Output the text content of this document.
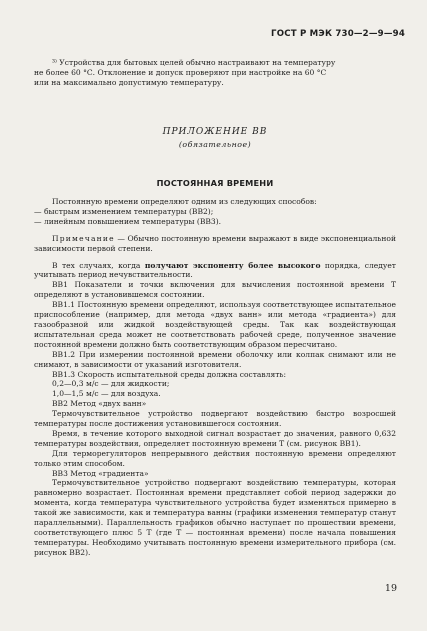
ГОСТ Р МЭК 730—2—9—94

³⁾ Устройства для бытовых целей обычно настраивают на температуру

не более 60 °С. Отклонение и допуск проверяют при настройке на 60 °С

или на максимально допустимую температуру.

ПРИЛОЖЕНИЕ ВВ
(обязательное)
ПОСТОЯННАЯ ВРЕМЕНИ

Постоянную времени определяют одним из следующих способов:

— быстрым изменением температуры (ВВ2);

— линейным повышением температуры (ВВ3).

Примечание — Обычно постоянную времени выражают в виде экспоненциальной зависимости первой степени.

В тех случаях, когда получают экспоненту более высокого порядка, следует учитывать период нечувствительности.

ВВ1 Показатели и точки включения для вычисления постоянной времени T определяют в установившемся состоянии.

ВВ1.1 Постоянную времени определяют, используя соответствующее испытательное приспособление (например, для метода «двух ванн» или метода «градиента») для газообразной или жидкой воздействующей среды. Так как воздействующая испытательная среда может не соответствовать рабочей среде, полученное значение постоянной времени должно быть соответствующим образом пересчитано.

ВВ1.2 При измерении постоянной времени оболочку или колпак снимают или не снимают, в зависимости от указаний изготовителя.

ВВ1.3 Скорость испытательной среды должна составлять:

0,2—0,3 м/с — для жидкости;

1,0—1,5 м/с — для воздуха.

ВВ2 Метод «двух ванн»

Термочувствительное устройство подвергают воздействию быстро возросшей температуры после достижения установившегося состояния.

Время, в течение которого выходной сигнал возрастает до значения, равного 0,632 температуры воздействия, определяет постоянную времени T (см. рисунок ВВ1).

Для терморегуляторов непрерывного действия постоянную времени определяют только этим способом.

ВВ3 Метод «градиента»

Термочувствительное устройство подвергают воздействию температуры, которая равномерно возрастает. Постоянная времени представляет собой период задержки до момента, когда температура чувствительного устройства будет изменяться примерно в такой же зависимости, как и температура ванны (графики изменения температур станут параллельными). Параллельность графиков обычно наступает по прошествии времени, соответствующего плюс 5 T (где T — постоянная времени) после начала повышения температуры. Необходимо учитывать постоянную времени измерительного прибора (см. рисунок ВВ2).

19
